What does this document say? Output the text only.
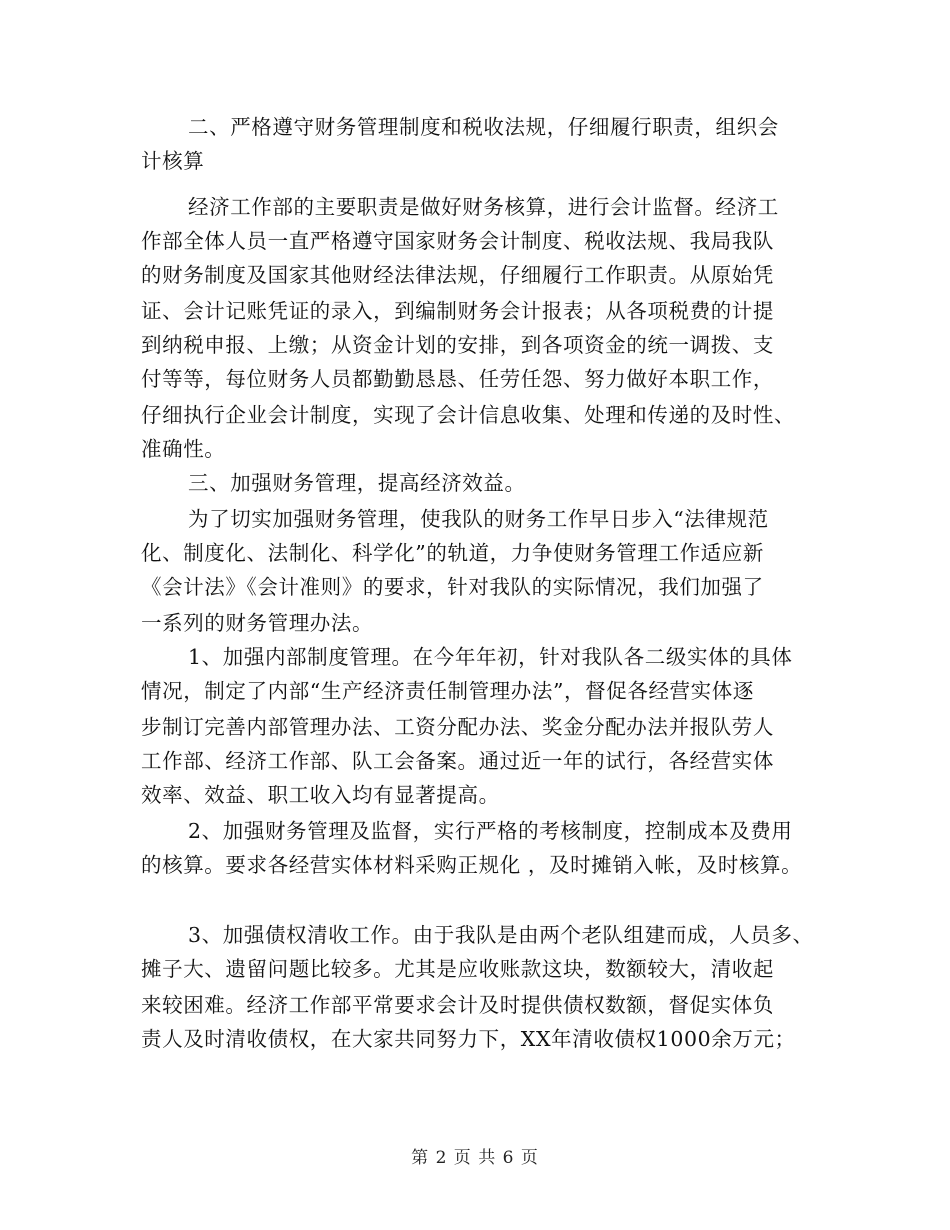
二、严格遵守财务管理制度和税收法规，仔细履行职责，组织会
计核算
经济工作部的主要职责是做好财务核算，进行会计监督。经济工
作部全体人员一直严格遵守国家财务会计制度、税收法规、我局我队
的财务制度及国家其他财经法律法规，仔细履行工作职责。从原始凭
证、会计记账凭证的录入，到编制财务会计报表；从各项税费的计提
到纳税申报、上缴；从资金计划的安排，到各项资金的统一调拨、支
付等等，每位财务人员都勤勤恳恳、任劳任怨、努力做好本职工作，
仔细执行企业会计制度，实现了会计信息收集、处理和传递的及时性、
准确性。
三、加强财务管理，提高经济效益。
为了切实加强财务管理，使我队的财务工作早日步入“法律规范
化、制度化、法制化、科学化”的轨道，力争使财务管理工作适应新
《会计法》《会计准则》的要求，针对我队的实际情况，我们加强了
一系列的财务管理办法。
1、加强内部制度管理。在今年年初，针对我队各二级实体的具体
情况，制定了内部“生产经济责任制管理办法”，督促各经营实体逐
步制订完善内部管理办法、工资分配办法、奖金分配办法并报队劳人
工作部、经济工作部、队工会备案。通过近一年的试行，各经营实体
效率、效益、职工收入均有显著提高。
2、加强财务管理及监督，实行严格的考核制度，控制成本及费用
的核算。要求各经营实体材料采购正规化 ，及时摊销入帐，及时核算。
3、加强债权清收工作。由于我队是由两个老队组建而成，人员多、
摊子大、遗留问题比较多。尤其是应收账款这块，数额较大，清收起
来较困难。经济工作部平常要求会计及时提供债权数额，督促实体负
责人及时清收债权，在大家共同努力下，XX年清收债权1000余万元；
第 2 页 共 6 页
